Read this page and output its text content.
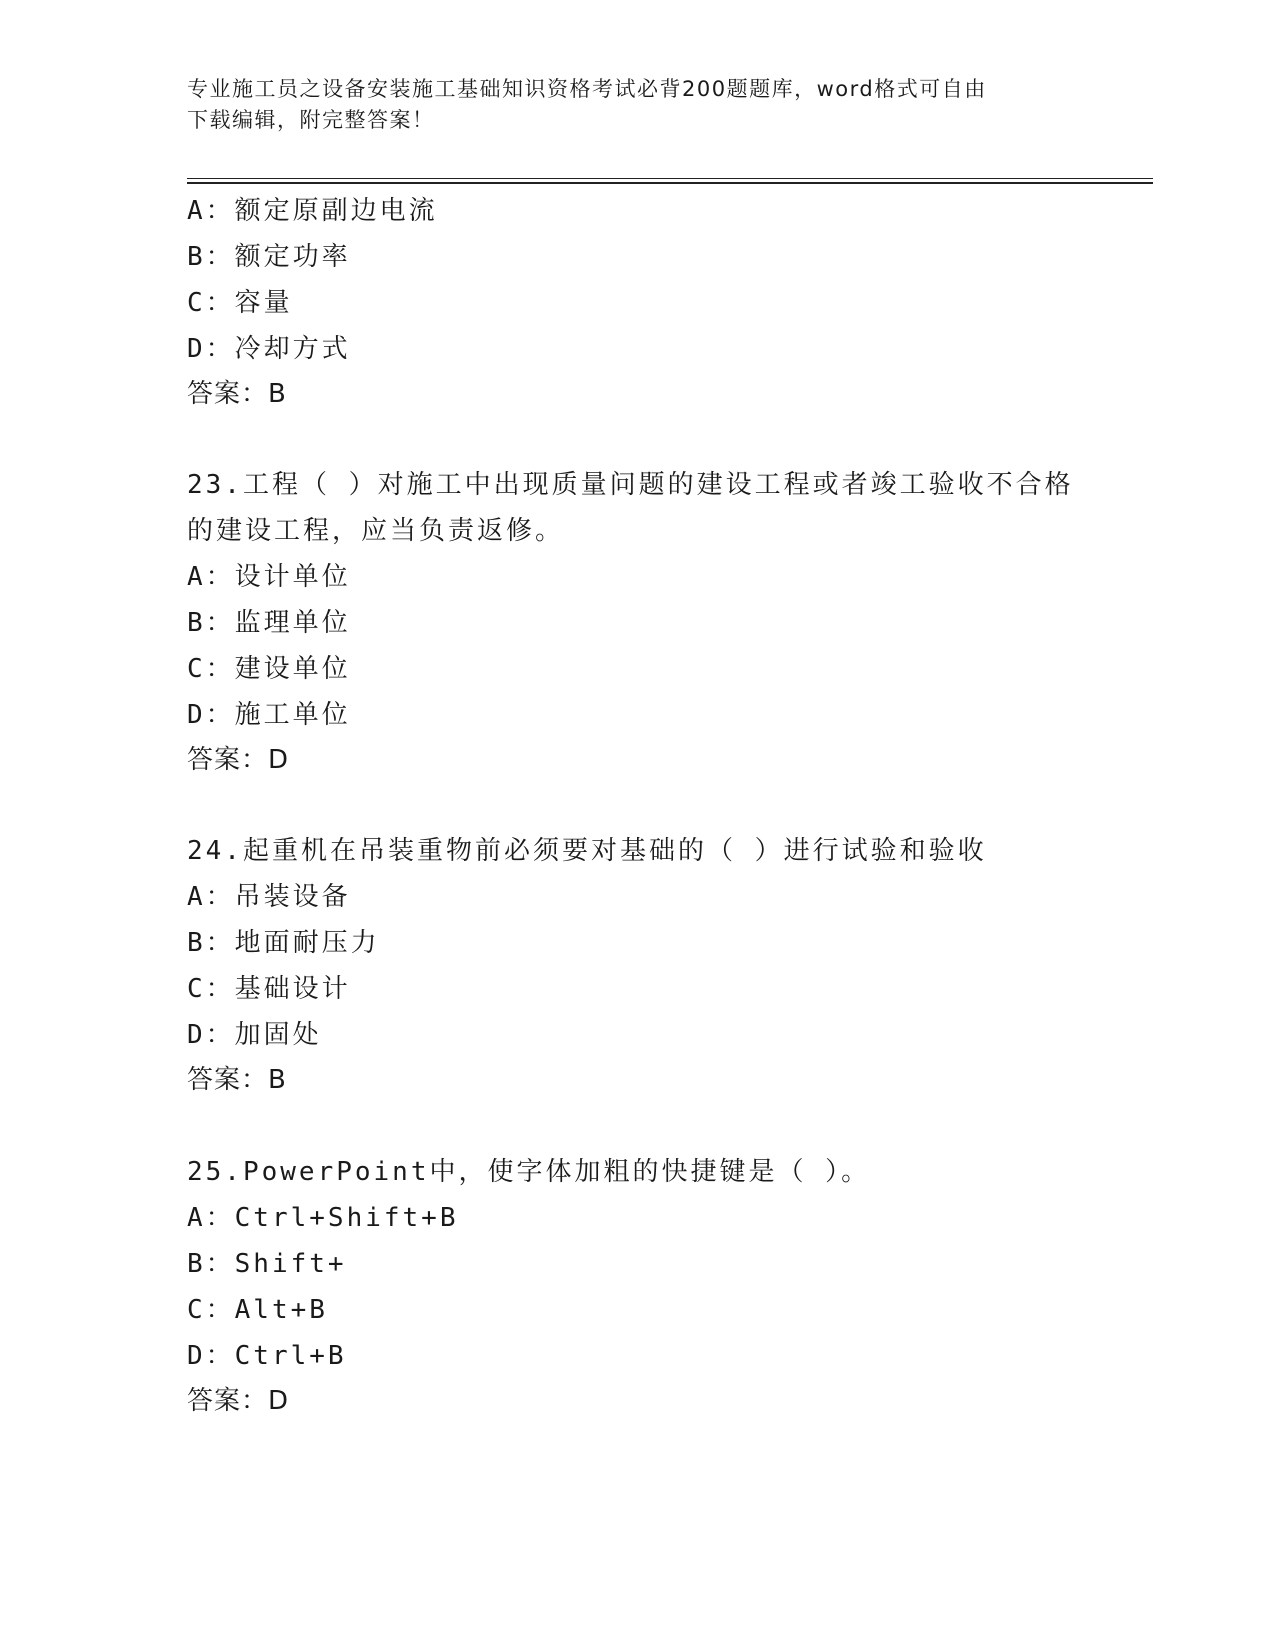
专业施工员之设备安装施工基础知识资格考试必背200题题库，word格式可自由
下载编辑，附完整答案！
A：额定原副边电流
B：额定功率
C：容量
D：冷却方式
答案：B
23.工程（ ）对施工中出现质量问题的建设工程或者竣工验收不合格
的建设工程，应当负责返修。
A：设计单位
B：监理单位
C：建设单位
D：施工单位
答案：D
24.起重机在吊装重物前必须要对基础的（ ）进行试验和验收
A：吊装设备
B：地面耐压力
C：基础设计
D：加固处
答案：B
25.PowerPoint中，使字体加粗的快捷键是（ ）。
A：Ctrl+Shift+B
B：Shift+
C：Alt+B
D：Ctrl+B
答案：D
